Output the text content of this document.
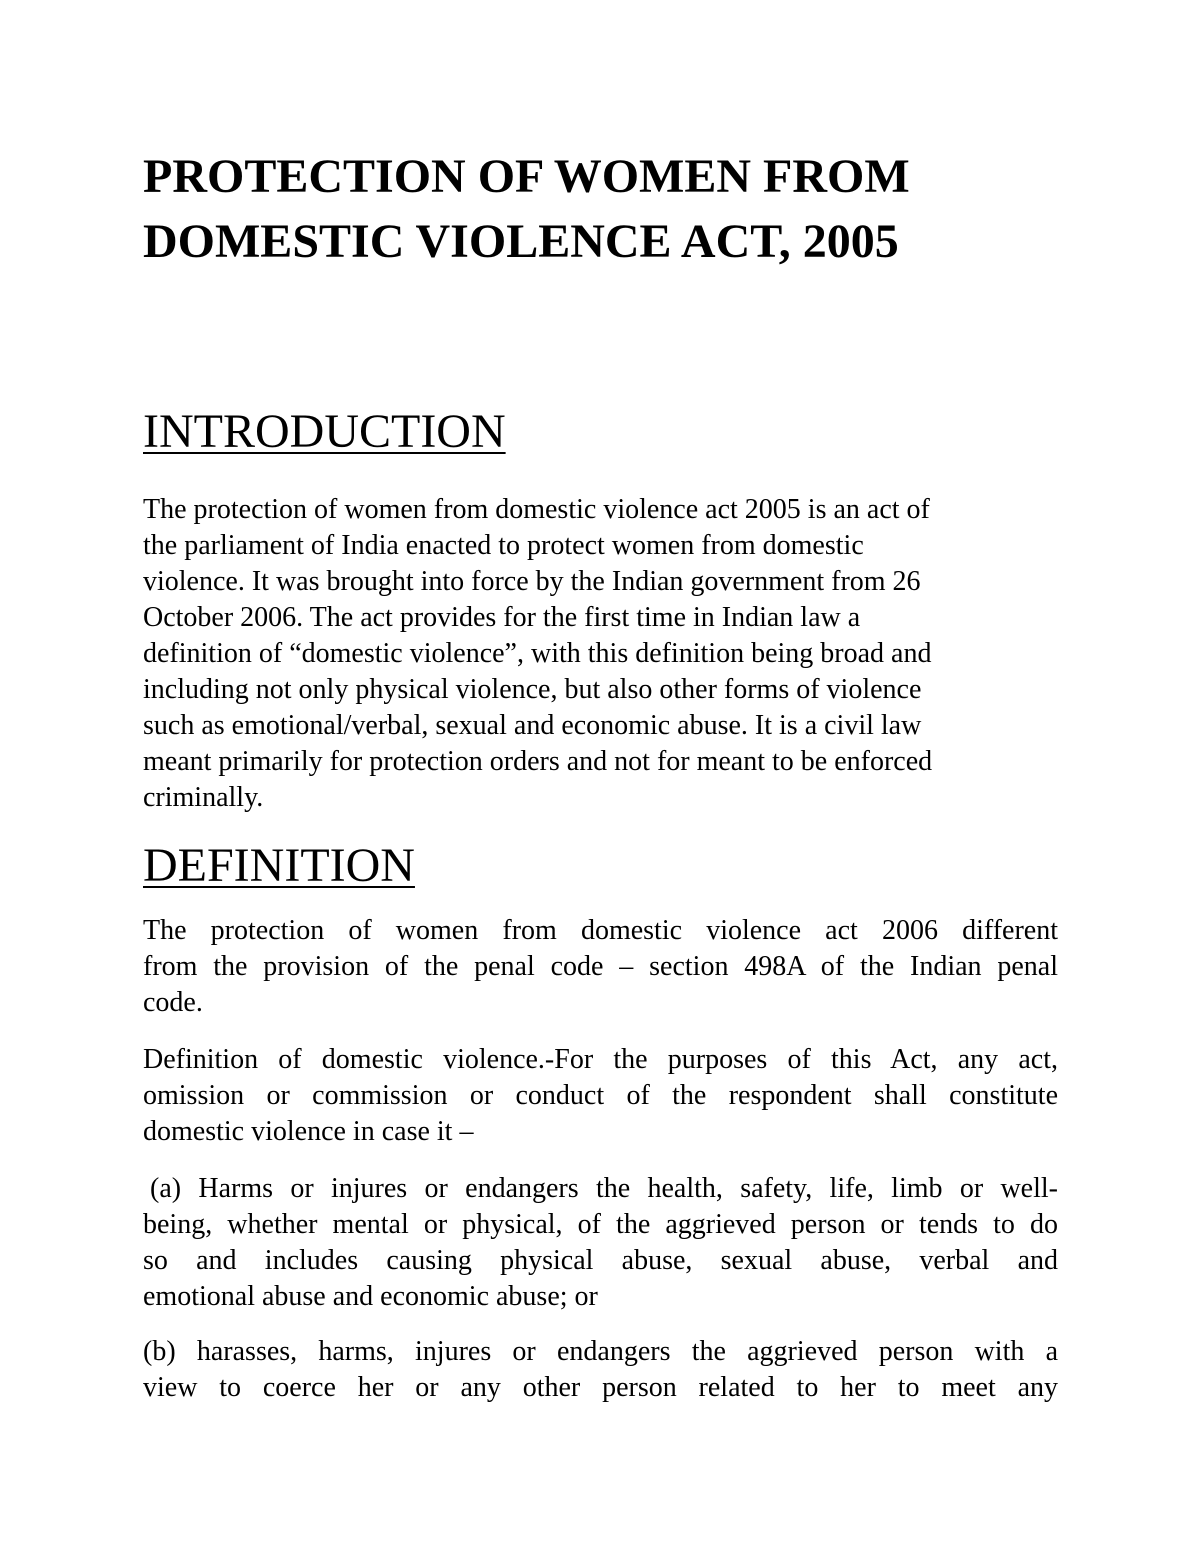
PROTECTION OF WOMEN FROM
DOMESTIC VIOLENCE ACT, 2005
INTRODUCTION
The protection of women from domestic violence act 2005 is an act of
the parliament of India enacted to protect women from domestic
violence. It was brought into force by the Indian government from 26
October 2006. The act provides for the first time in Indian law a
definition of “domestic violence”, with this definition being broad and
including not only physical violence, but also other forms of violence
such as emotional/verbal, sexual and economic abuse. It is a civil law
meant primarily for protection orders and not for meant to be enforced
criminally.
DEFINITION
The protection of women from domestic violence act 2006 different
from the provision of the penal code – section 498A of the Indian penal
code.
Definition of domestic violence.-For the purposes of this Act, any act,
omission or commission or conduct of the respondent shall constitute
domestic violence in case it –
(a) Harms or injures or endangers the health, safety, life, limb or well-
being, whether mental or physical, of the aggrieved person or tends to do
so and includes causing physical abuse, sexual abuse, verbal and
emotional abuse and economic abuse; or
(b) harasses, harms, injures or endangers the aggrieved person with a
view to coerce her or any other person related to her to meet any
